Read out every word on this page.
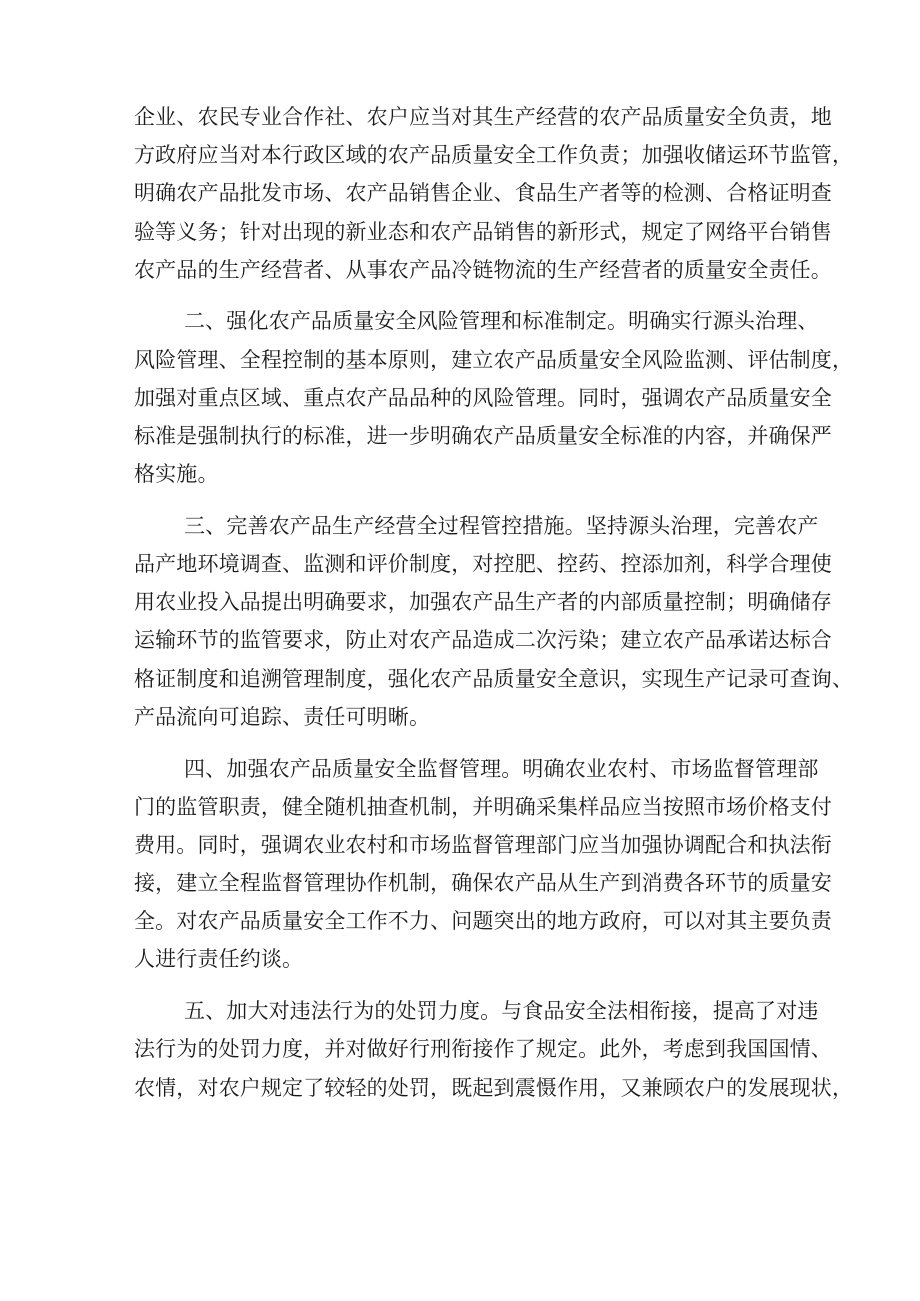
企业、农民专业合作社、农户应当对其生产经营的农产品质量安全负责，地
方政府应当对本行政区域的农产品质量安全工作负责；加强收储运环节监管，
明确农产品批发市场、农产品销售企业、食品生产者等的检测、合格证明查
验等义务；针对出现的新业态和农产品销售的新形式，规定了网络平台销售
农产品的生产经营者、从事农产品冷链物流的生产经营者的质量安全责任。
二、强化农产品质量安全风险管理和标准制定。明确实行源头治理、
风险管理、全程控制的基本原则，建立农产品质量安全风险监测、评估制度，
加强对重点区域、重点农产品品种的风险管理。同时，强调农产品质量安全
标准是强制执行的标准，进一步明确农产品质量安全标准的内容，并确保严
格实施。
三、完善农产品生产经营全过程管控措施。坚持源头治理，完善农产
品产地环境调查、监测和评价制度，对控肥、控药、控添加剂，科学合理使
用农业投入品提出明确要求，加强农产品生产者的内部质量控制；明确储存
运输环节的监管要求，防止对农产品造成二次污染；建立农产品承诺达标合
格证制度和追溯管理制度，强化农产品质量安全意识，实现生产记录可查询、
产品流向可追踪、责任可明晰。
四、加强农产品质量安全监督管理。明确农业农村、市场监督管理部
门的监管职责，健全随机抽查机制，并明确采集样品应当按照市场价格支付
费用。同时，强调农业农村和市场监督管理部门应当加强协调配合和执法衔
接，建立全程监督管理协作机制，确保农产品从生产到消费各环节的质量安
全。对农产品质量安全工作不力、问题突出的地方政府，可以对其主要负责
人进行责任约谈。
五、加大对违法行为的处罚力度。与食品安全法相衔接，提高了对违
法行为的处罚力度，并对做好行刑衔接作了规定。此外，考虑到我国国情、
农情，对农户规定了较轻的处罚，既起到震慑作用，又兼顾农户的发展现状，
